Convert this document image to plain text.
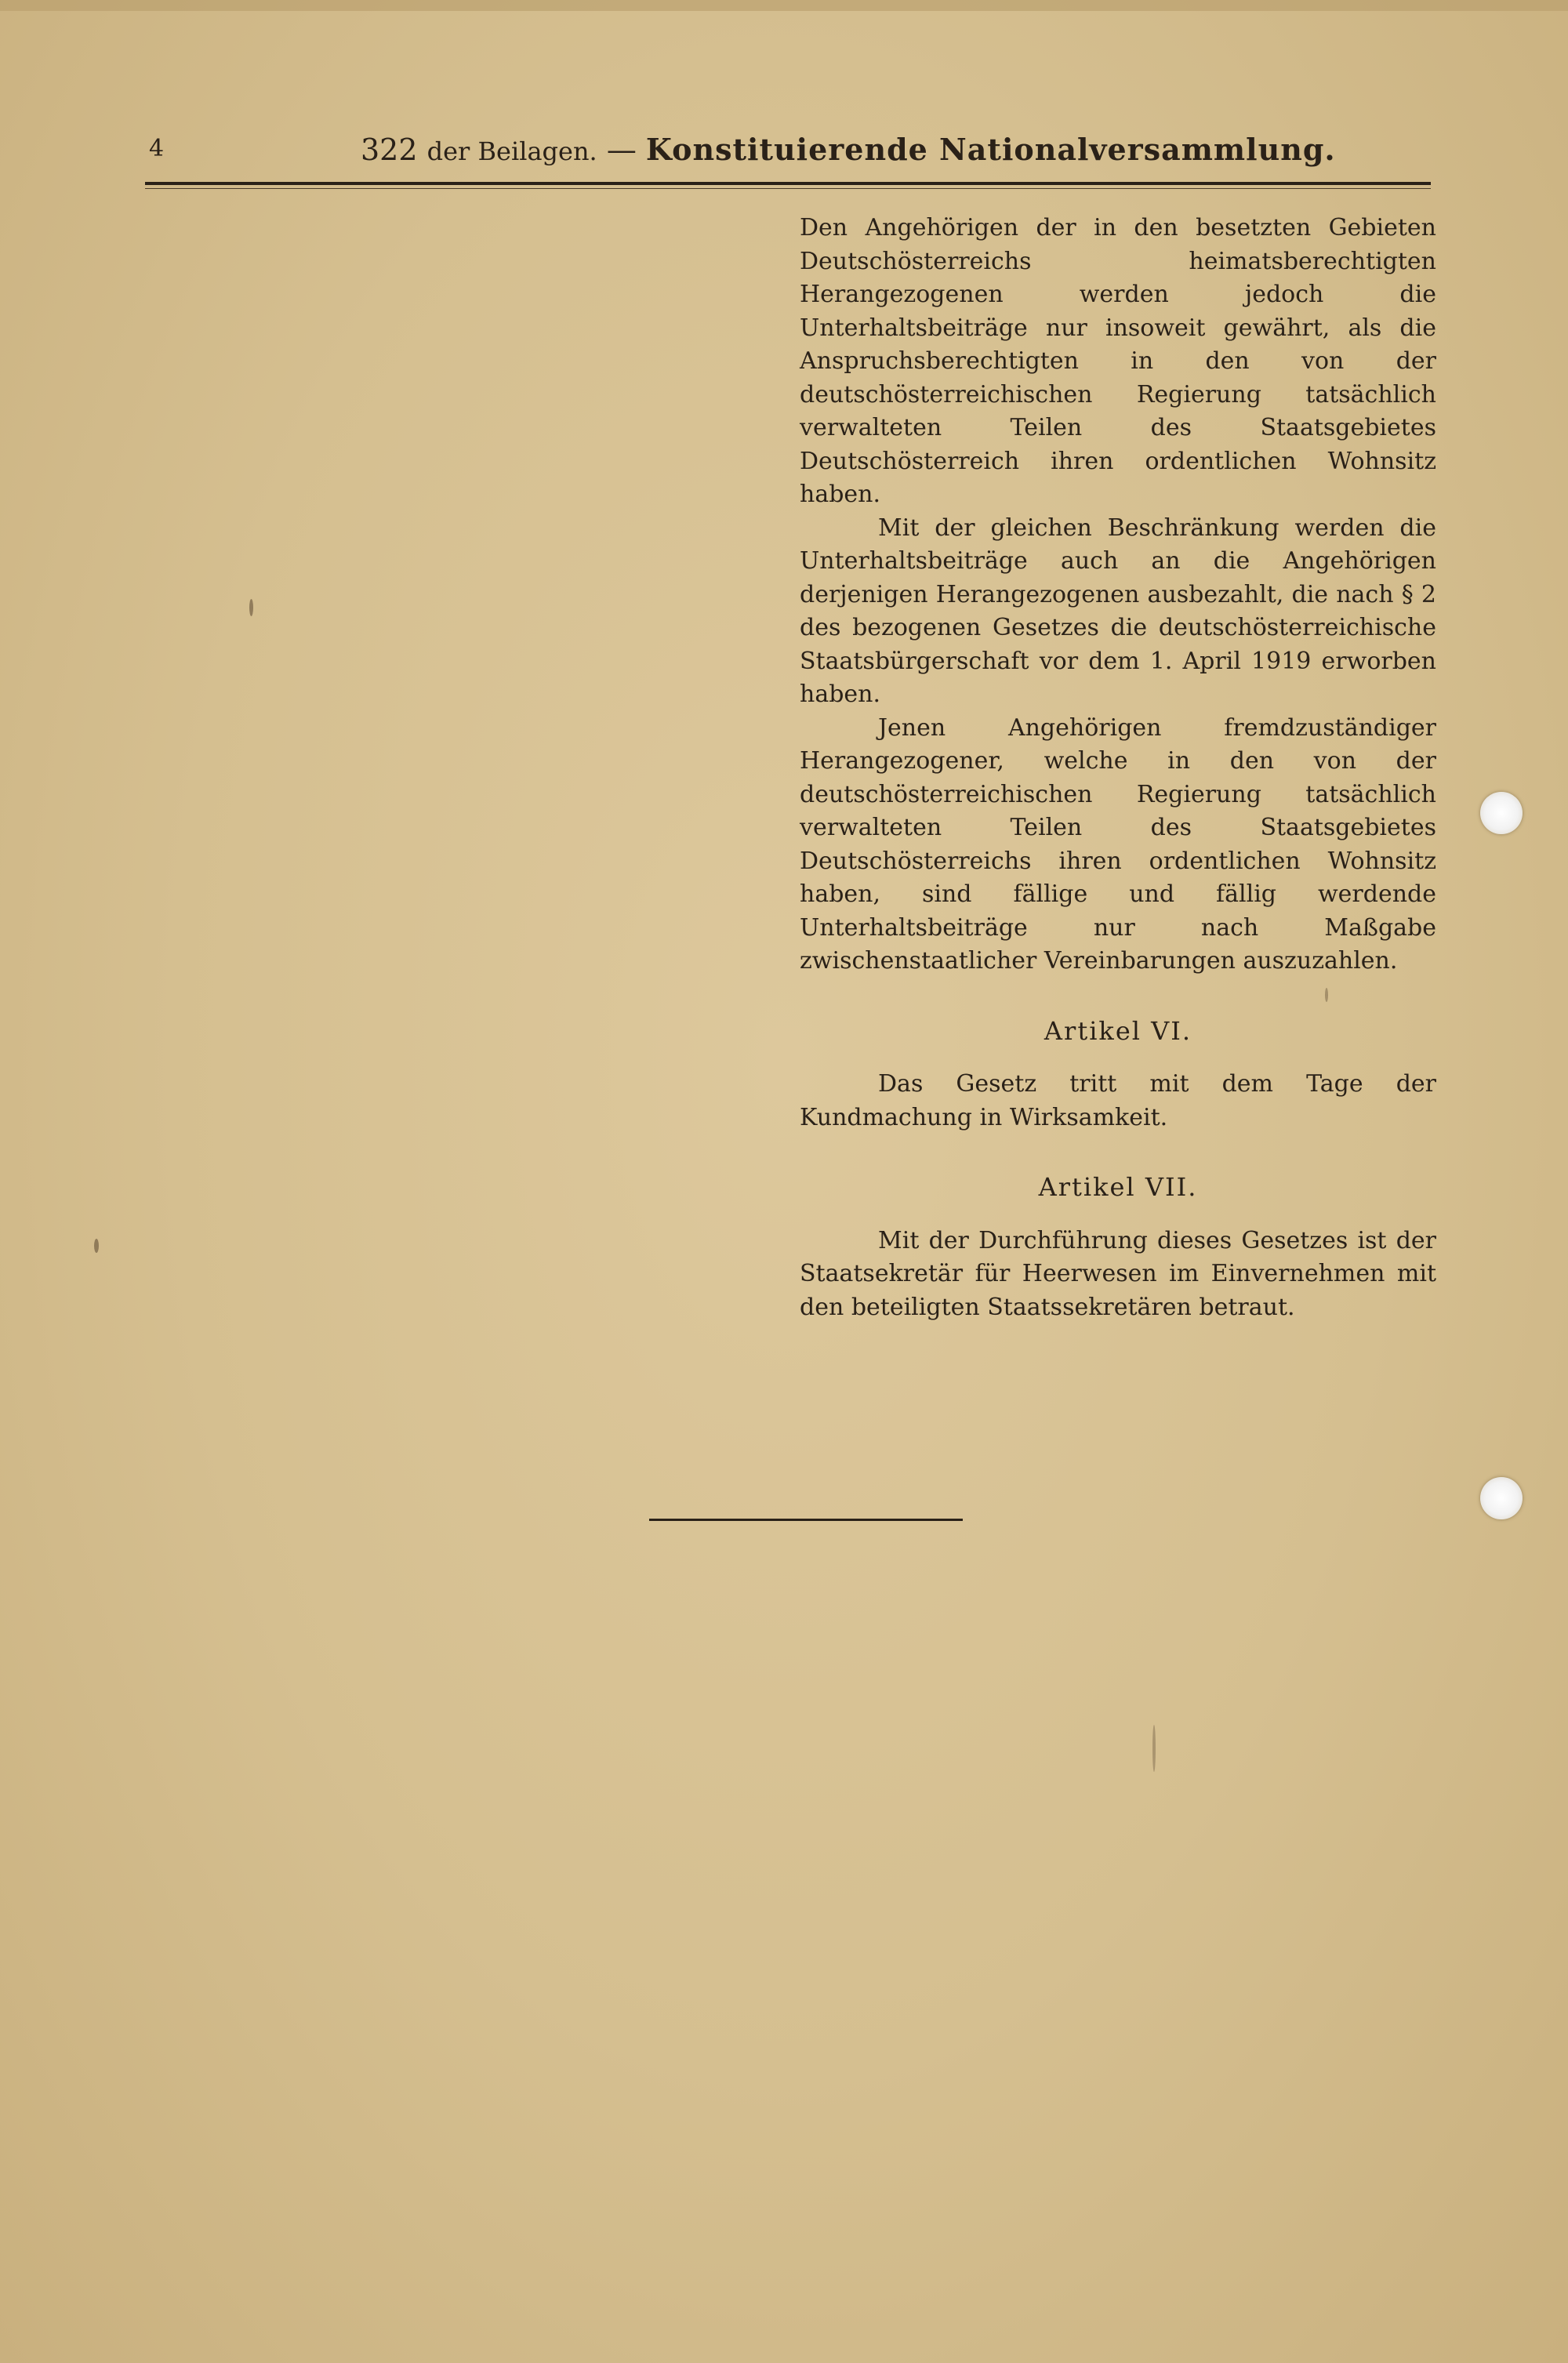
4	322 der Beilagen. — Konstituierende Nationalversammlung.

Den Angehörigen der in den besetzten Gebieten Deutschösterreichs heimatsberechtigten Herangezogenen werden jedoch die Unterhaltsbeiträge nur insoweit gewährt, als die Anspruchsberechtigten in den von der deutschösterreichischen Regierung tatsächlich verwalteten Teilen des Staatsgebietes Deutschösterreich ihren ordentlichen Wohnsitz haben.

Mit der gleichen Beschränkung werden die Unterhaltsbeiträge auch an die Angehörigen derjenigen Herangezogenen ausbezahlt, die nach § 2 des bezogenen Gesetzes die deutschösterreichische Staatsbürgerschaft vor dem 1. April 1919 erworben haben.

Jenen Angehörigen fremdzuständiger Herangezogener, welche in den von der deutschösterreichischen Regierung tatsächlich verwalteten Teilen des Staatsgebietes Deutschösterreichs ihren ordentlichen Wohnsitz haben, sind fällige und fällig werdende Unterhaltsbeiträge nur nach Maßgabe zwischenstaatlicher Vereinbarungen auszuzahlen.

Artikel VI.

Das Gesetz tritt mit dem Tage der Kundmachung in Wirksamkeit.

Artikel VII.

Mit der Durchführung dieses Gesetzes ist der Staatsekretär für Heerwesen im Einvernehmen mit den beteiligten Staatssekretären betraut.
